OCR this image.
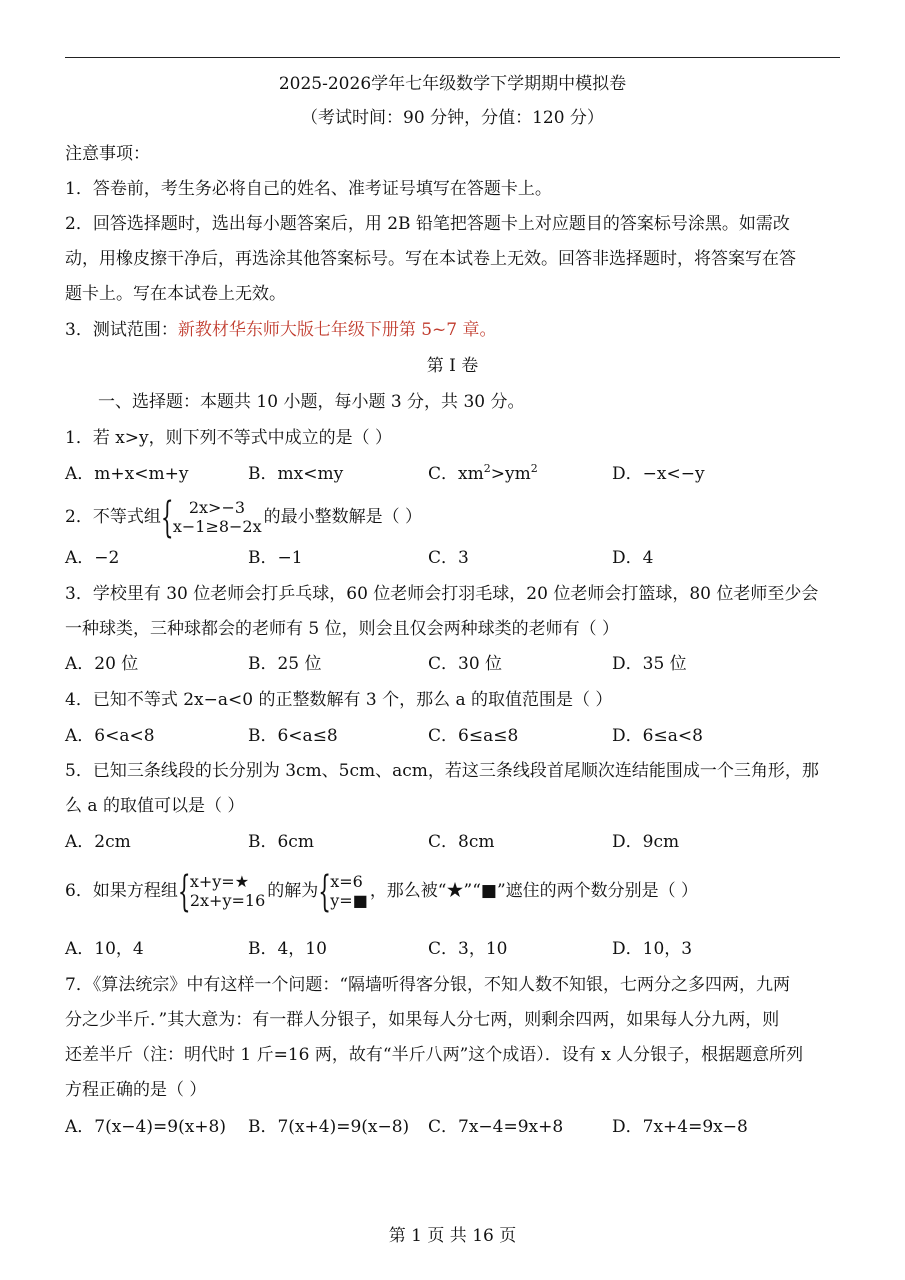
2025-2026学年七年级数学下学期期中模拟卷
（考试时间：90 分钟，分值：120 分）
注意事项：
1．答卷前，考生务必将自己的姓名、准考证号填写在答题卡上。
2．回答选择题时，选出每小题答案后，用 2B 铅笔把答题卡上对应题目的答案标号涂黑。如需改
动，用橡皮擦干净后，再选涂其他答案标号。写在本试卷上无效。回答非选择题时，将答案写在答
题卡上。写在本试卷上无效。
3．测试范围：新教材华东师大版七年级下册第 5~7 章。
第 I 卷
一、选择题：本题共 10 小题，每小题 3 分，共 30 分。
1．若 x>y，则下列不等式中成立的是（ ）
A．m+x<m+y	B．mx<my	C．$xm^2>ym^2$	D．−x<−y
2．不等式组 { 2x>−3
x−1≥8−2x 的最小整数解是（ ）
A．−2	B．−1	C．3	D．4
3．学校里有 30 位老师会打乒乓球，60 位老师会打羽毛球，20 位老师会打篮球，80 位老师至少会
一种球类，三种球都会的老师有 5 位，则会且仅会两种球类的老师有（ ）
A．20 位	B．25 位	C．30 位	D．35 位
4．已知不等式 2x−a<0 的正整数解有 3 个，那么 a 的取值范围是（ ）
A．6<a<8	B．6<a≤8	C．6≤a≤8	D．6≤a<8
5．已知三条线段的长分别为 3cm、5cm、acm，若这三条线段首尾顺次连结能围成一个三角形，那
么 a 的取值可以是（ ）
A．2cm	B．6cm	C．8cm	D．9cm
6．如果方程组 { x+y=★
2x+y=16 的解为 { x=6
y=■ ，那么被“★”“■”遮住的两个数分别是（ ）
A．10，4	B．4，10	C．3，10	D．10，3
7．《算法统宗》中有这样一个问题：“隔墙听得客分银，不知人数不知银，七两分之多四两，九两
分之少半斤．”其大意为：有一群人分银子，如果每人分七两，则剩余四两，如果每人分九两，则
还差半斤（注：明代时 1 斤=16 两，故有“半斤八两”这个成语）．设有 x 人分银子，根据题意所列
方程正确的是（ ）
A．7(x−4)=9(x+8) B．7(x+4)=9(x−8) C．7x−4=9x+8	D．7x+4=9x−8
第 1 页 共 16 页
